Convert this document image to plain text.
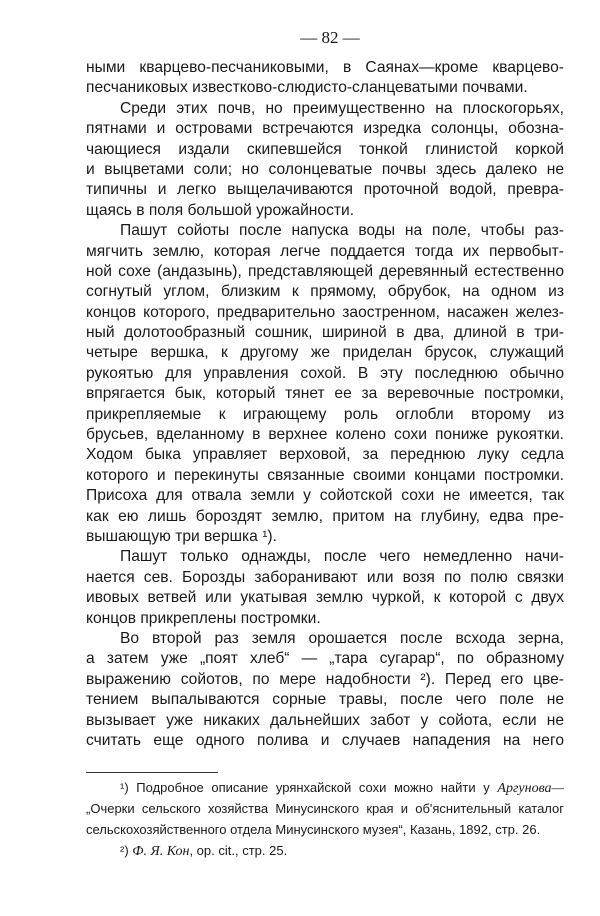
— 82 —
ными кварцево-песчаниковыми, в Саянах—кроме кварцево-
песчаниковых известково-слюдисто-сланцеватыми почвами.
Среди этих почв, но преимущественно на плоскогорьях,
пятнами и островами встречаются изредка солонцы, обозна-
чающиеся издали скипевшейся тонкой глинистой коркой
и выцветами соли; но солонцеватые почвы здесь далеко не
типичны и легко выщелачиваются проточной водой, превра-
щаясь в поля большой урожайности.
Пашут сойоты после напуска воды на поле, чтобы раз-
мягчить землю, которая легче поддается тогда их первобыт-
ной сохе (андазынь), представляющей деревянный естественно
согнутый углом, близким к прямому, обрубок, на одном из
концов которого, предварительно заостренном, насажен желез-
ный долотообразный сошник, шириной в два, длиной в три-
четыре вершка, к другому же приделан брусок, служащий
рукоятью для управления сохой. В эту последнюю обычно
впрягается бык, который тянет ее за веревочные постромки,
прикрепляемые к играющему роль оглобли второму из
брусьев, вделанному в верхнее колено сохи пониже рукоятки.
Ходом быка управляет верховой, за переднюю луку седла
которого и перекинуты связанные своими концами постромки.
Присоха для отвала земли у сойотской сохи не имеется, так
как ею лишь бороздят землю, притом на глубину, едва пре-
вышающую три вершка ¹).
Пашут только однажды, после чего немедленно начи-
нается сев. Борозды заборанивают или возя по полю связки
ивовых ветвей или укатывая землю чуркой, к которой с двух
концов прикреплены постромки.
Во второй раз земля орошается после всхода зерна,
а затем уже „поят хлеб“ — „тара сугарар“, по образному
выражению сойотов, по мере надобности ²). Перед его цве-
тением выпалываются сорные травы, после чего поле не
вызывает уже никаких дальнейших забот у сойота, если не
считать еще одного полива и случаев нападения на него
¹) Подробное описание урянхайской сохи можно найти у Аргунова—
„Очерки сельского хозяйства Минусинского края и об'яснительный каталог
сельскохозяйственного отдела Минусинского музея“, Казань, 1892, стр. 26.
²) Ф. Я. Кон, op. cit., стр. 25.
